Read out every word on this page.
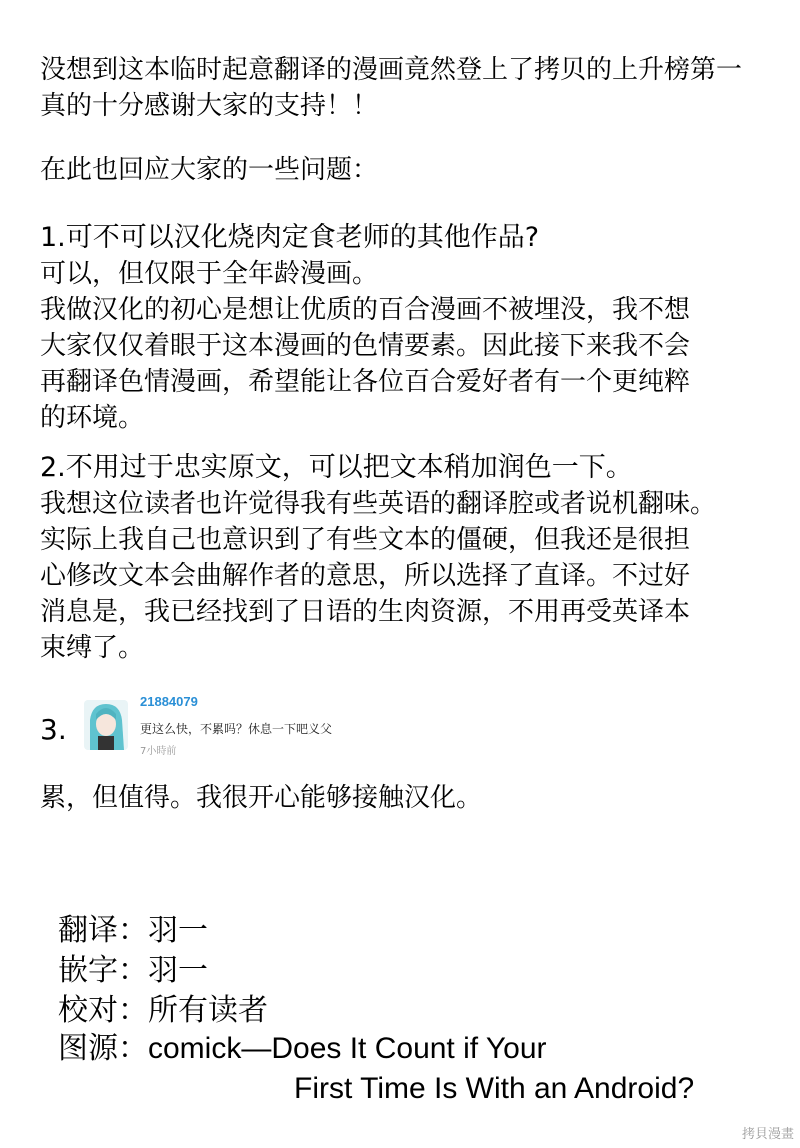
没想到这本临时起意翻译的漫画竟然登上了拷贝的上升榜第一
真的十分感谢大家的支持！！
在此也回应大家的一些问题：
1.可不可以汉化烧肉定食老师的其他作品?
可以，但仅限于全年龄漫画。
我做汉化的初心是想让优质的百合漫画不被埋没，我不想
大家仅仅着眼于这本漫画的色情要素。因此接下来我不会
再翻译色情漫画，希望能让各位百合爱好者有一个更纯粹
的环境。
2.不用过于忠实原文，可以把文本稍加润色一下。
我想这位读者也许觉得我有些英语的翻译腔或者说机翻味。
实际上我自己也意识到了有些文本的僵硬，但我还是很担
心修改文本会曲解作者的意思，所以选择了直译。不过好
消息是，我已经找到了日语的生肉资源，不用再受英译本
束缚了。
3.
21884079
更这么快，不累吗？休息一下吧义父
7小時前
累，但值得。我很开心能够接触汉化。
翻译：羽一
嵌字：羽一
校对：所有读者
图源：comick—Does It Count if Your
First Time Is With an Android?
拷貝漫畫
